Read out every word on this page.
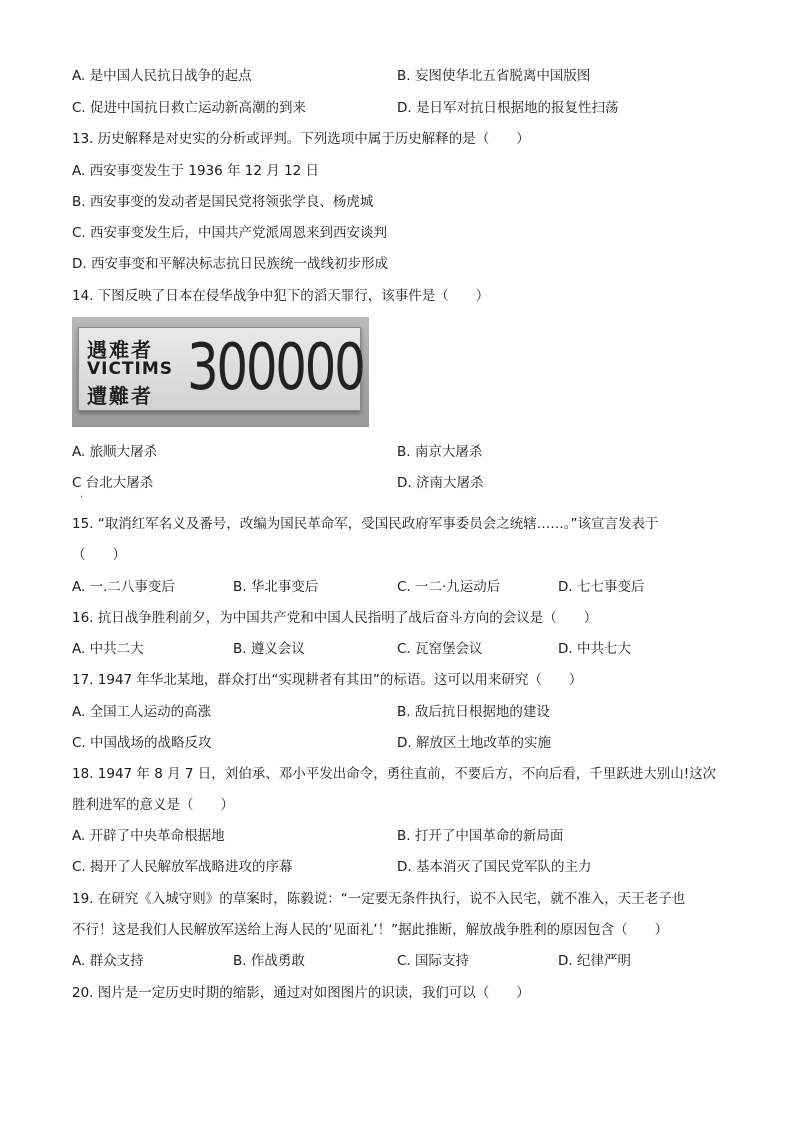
A. 是中国人民抗日战争的起点	B. 妄图使华北五省脱离中国版图
C. 促进中国抗日救亡运动新高潮的到来	D. 是日军对抗日根据地的报复性扫荡
13. 历史解释是对史实的分析或评判。下列选项中属于历史解释的是（　　）
A. 西安事变发生于 1936 年 12 月 12 日
B. 西安事变的发动者是国民党将领张学良、杨虎城
C. 西安事变发生后，中国共产党派周恩来到西安谈判
D. 西安事变和平解决标志抗日民族统一战线初步形成
14. 下图反映了日本在侵华战争中犯下的滔天罪行，该事件是（　　）
遇难者
VICTIMS
遭難者 300000
A. 旅顺大屠杀	B. 南京大屠杀
C 台北大屠杀	D. 济南大屠杀
·
15. “取消红军名义及番号，改编为国民革命军，受国民政府军事委员会之统辖……。”该宣言发表于
（　　）
A. 一.二八事变后	B. 华北事变后	C. 一二·九运动后	D. 七七事变后
16. 抗日战争胜利前夕，为中国共产党和中国人民指明了战后奋斗方向的会议是（　　）
A. 中共二大	B. 遵义会议	C. 瓦窑堡会议	D. 中共七大
17. 1947 年华北某地，群众打出“实现耕者有其田”的标语。这可以用来研究（　　）
A. 全国工人运动的高涨	B. 敌后抗日根据地的建设
C. 中国战场的战略反攻	D. 解放区土地改革的实施
18. 1947 年 8 月 7 日，刘伯承、邓小平发出命令，勇往直前，不要后方，不向后看，千里跃进大别山!这次
胜利进军的意义是（　　）
A. 开辟了中央革命根据地	B. 打开了中国革命的新局面
C. 揭开了人民解放军战略进攻的序幕	D. 基本消灭了国民党军队的主力
19. 在研究《入城守则》的草案时，陈毅说：“一定要无条件执行，说不入民宅，就不准入，天王老子也
不行！这是我们人民解放军送给上海人民的‘见面礼’！”据此推断，解放战争胜利的原因包含（　　）
A. 群众支持	B. 作战勇敢	C. 国际支持	D. 纪律严明
20. 图片是一定历史时期的缩影，通过对如图图片的识读，我们可以（　　）
